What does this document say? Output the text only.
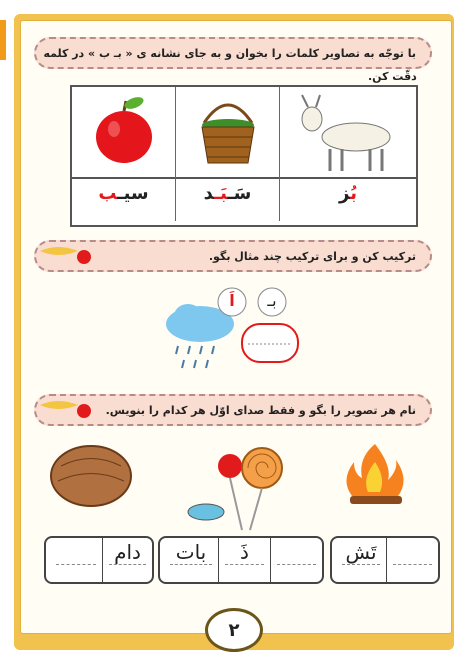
با توجّه به تصاویر کلمات را بخوان و به جای نشانه ی « بـ ب » در کلمه
دقّت کن.
سیـب	سَـبَـد	بُز
ترکیب کن و برای ترکیب چند مثال بگو.
اَ	بـ
نام هر تصویر را بگو و فقط صدای اوّل هر کدام را بنویس.
دام	ذَ
بات	تَش
۲
